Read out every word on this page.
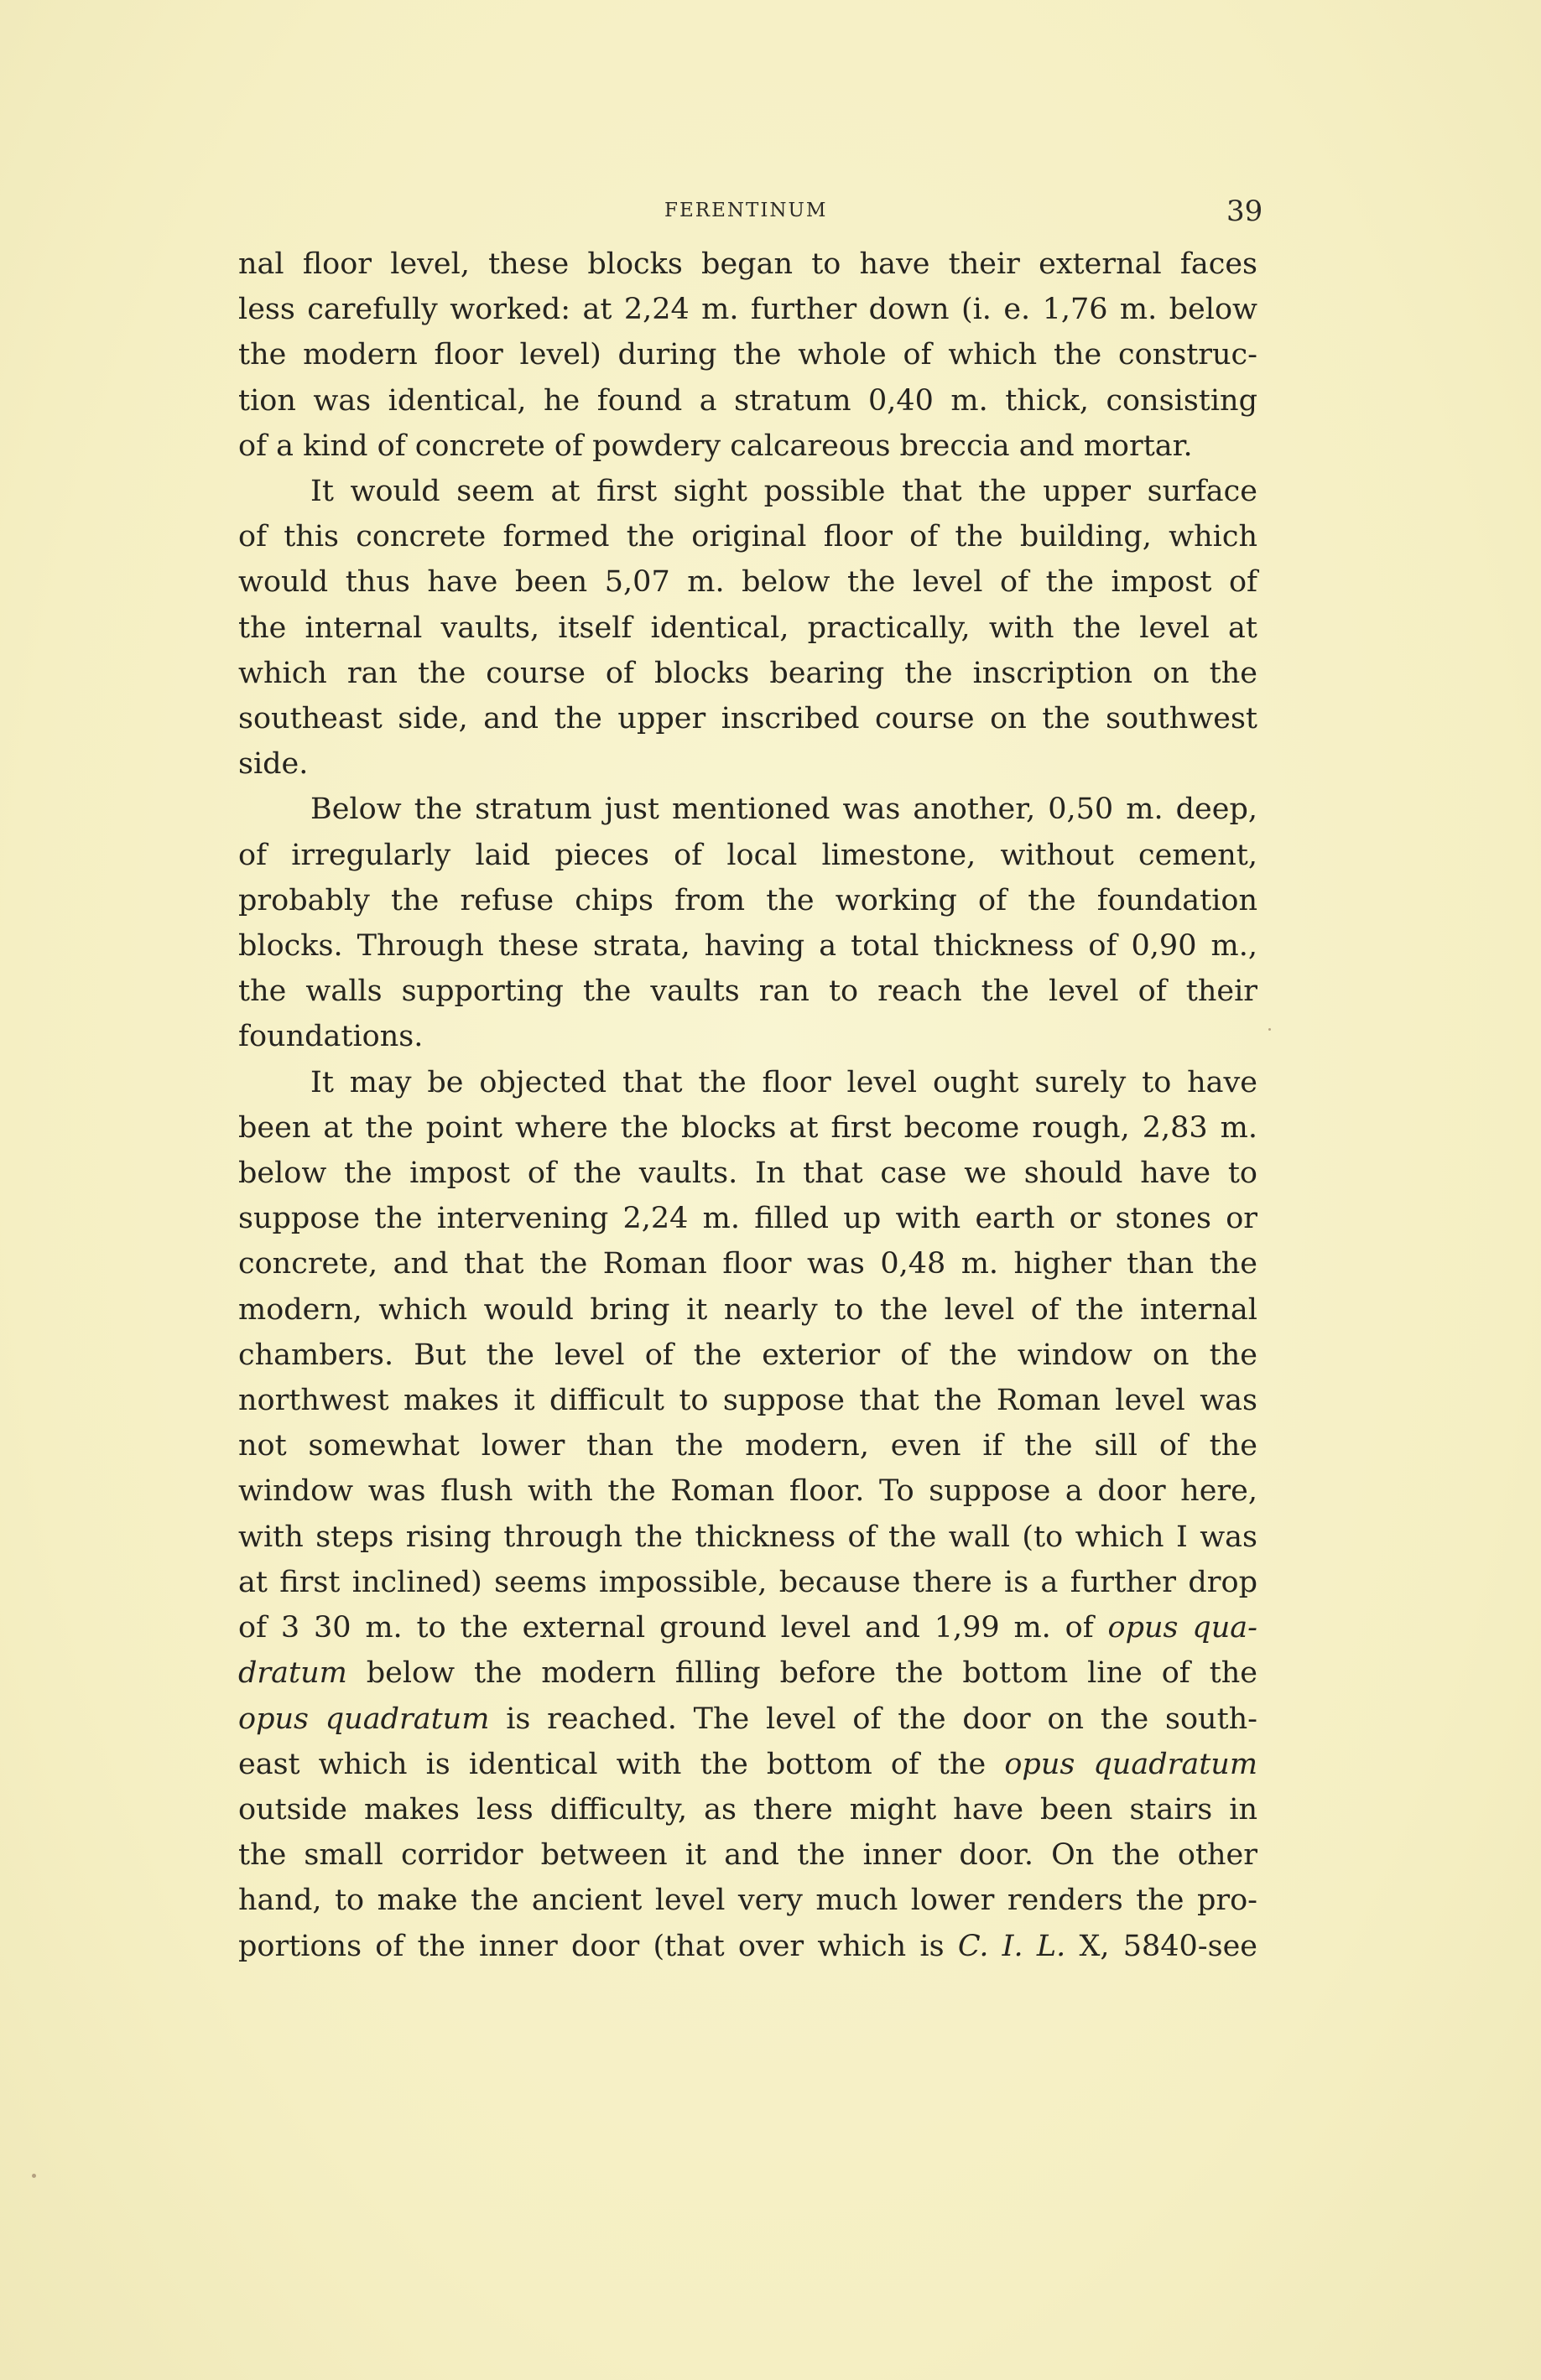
FERENTINUM	39
nal floor level, these blocks began to have their external faces
less carefully worked: at 2,24 m. further down (i. e. 1,76 m. below
the modern floor level) during the whole of which the construc-
tion was identical, he found a stratum 0,40 m. thick, consisting
of a kind of concrete of powdery calcareous breccia and mortar.
It would seem at first sight possible that the upper surface
of this concrete formed the original floor of the building, which
would thus have been 5,07 m. below the level of the impost of
the internal vaults, itself identical, practically, with the level at
which ran the course of blocks bearing the inscription on the
southeast side, and the upper inscribed course on the southwest
side.
Below the stratum just mentioned was another, 0,50 m. deep,
of irregularly laid pieces of local limestone, without cement,
probably the refuse chips from the working of the foundation
blocks. Through these strata, having a total thickness of 0,90 m.,
the walls supporting the vaults ran to reach the level of their
foundations.
It may be objected that the floor level ought surely to have
been at the point where the blocks at first become rough, 2,83 m.
below the impost of the vaults. In that case we should have to
suppose the intervening 2,24 m. filled up with earth or stones or
concrete, and that the Roman floor was 0,48 m. higher than the
modern, which would bring it nearly to the level of the internal
chambers. But the level of the exterior of the window on the
northwest makes it difficult to suppose that the Roman level was
not somewhat lower than the modern, even if the sill of the
window was flush with the Roman floor. To suppose a door here,
with steps rising through the thickness of the wall (to which I was
at first inclined) seems impossible, because there is a further drop
of 3 30 m. to the external ground level and 1,99 m. of opus qua-
dratum below the modern filling before the bottom line of the
opus quadratum is reached. The level of the door on the south-
east which is identical with the bottom of the opus quadratum
outside makes less difficulty, as there might have been stairs in
the small corridor between it and the inner door. On the other
hand, to make the ancient level very much lower renders the pro-
portions of the inner door (that over which is C. I. L. X, 5840-see
